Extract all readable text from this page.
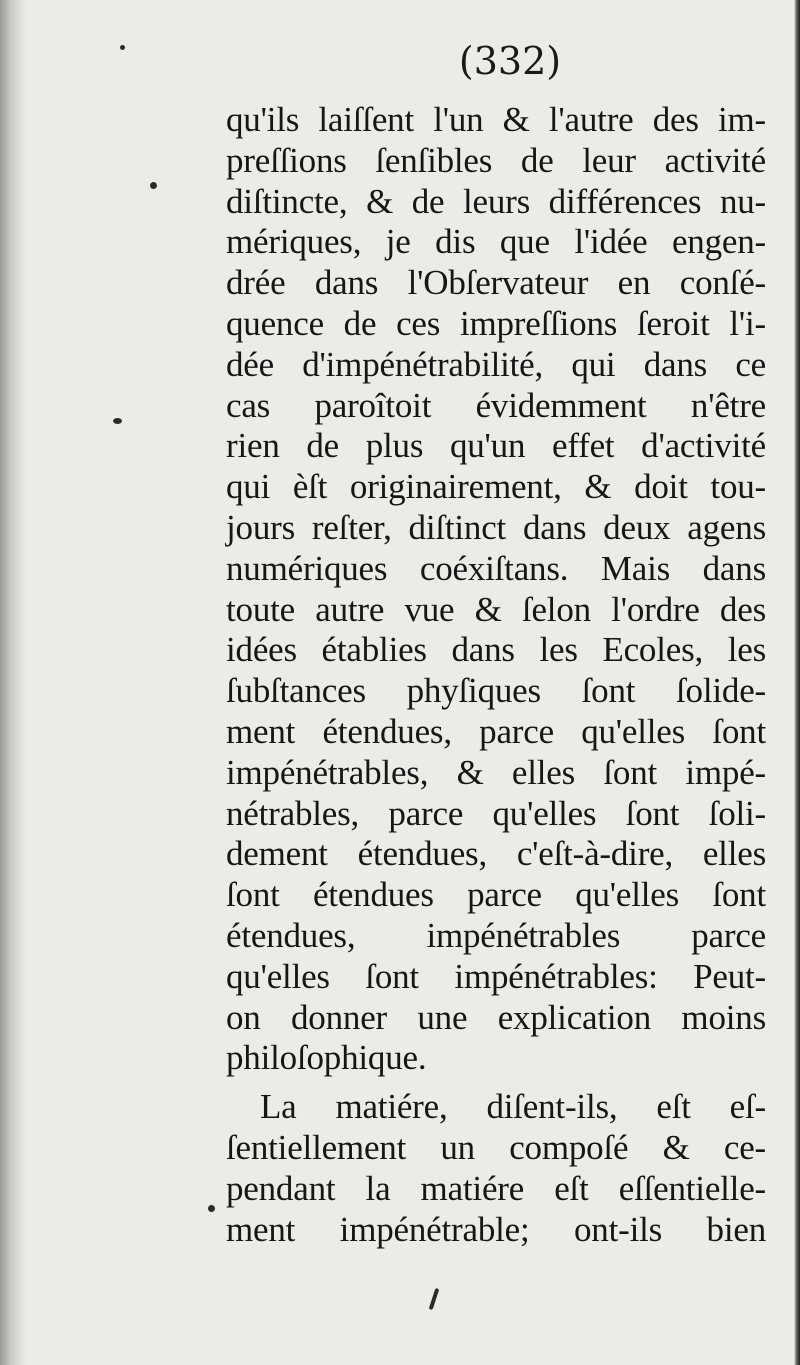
(332)
qu'ils laiſſent l'un & l'autre des im-
preſſions ſenſibles de leur activité
diſtincte, & de leurs différences nu-
mériques, je dis que l'idée engen-
drée dans l'Obſervateur en conſé-
quence de ces impreſſions ſeroit l'i-
dée d'impénétrabilité, qui dans ce
cas paroîtoit évidemment n'être
rien de plus qu'un effet d'activité
qui èſt originairement, & doit tou-
jours reſter, diſtinct dans deux agens
numériques coéxiſtans. Mais dans
toute autre vue & ſelon l'ordre des
idées établies dans les Ecoles, les
ſubſtances phyſiques ſont ſolide-
ment étendues, parce qu'elles ſont
impénétrables, & elles ſont impé-
nétrables, parce qu'elles ſont ſoli-
dement étendues, c'eſt-à-dire, elles
ſont étendues parce qu'elles ſont
étendues, impénétrables parce
qu'elles ſont impénétrables: Peut-
on donner une explication moins
philoſophique.
La matiére, diſent-ils, eſt eſ-
ſentiellement un compoſé & ce-
pendant la matiére eſt eſſentielle-
ment impénétrable; ont-ils bien
